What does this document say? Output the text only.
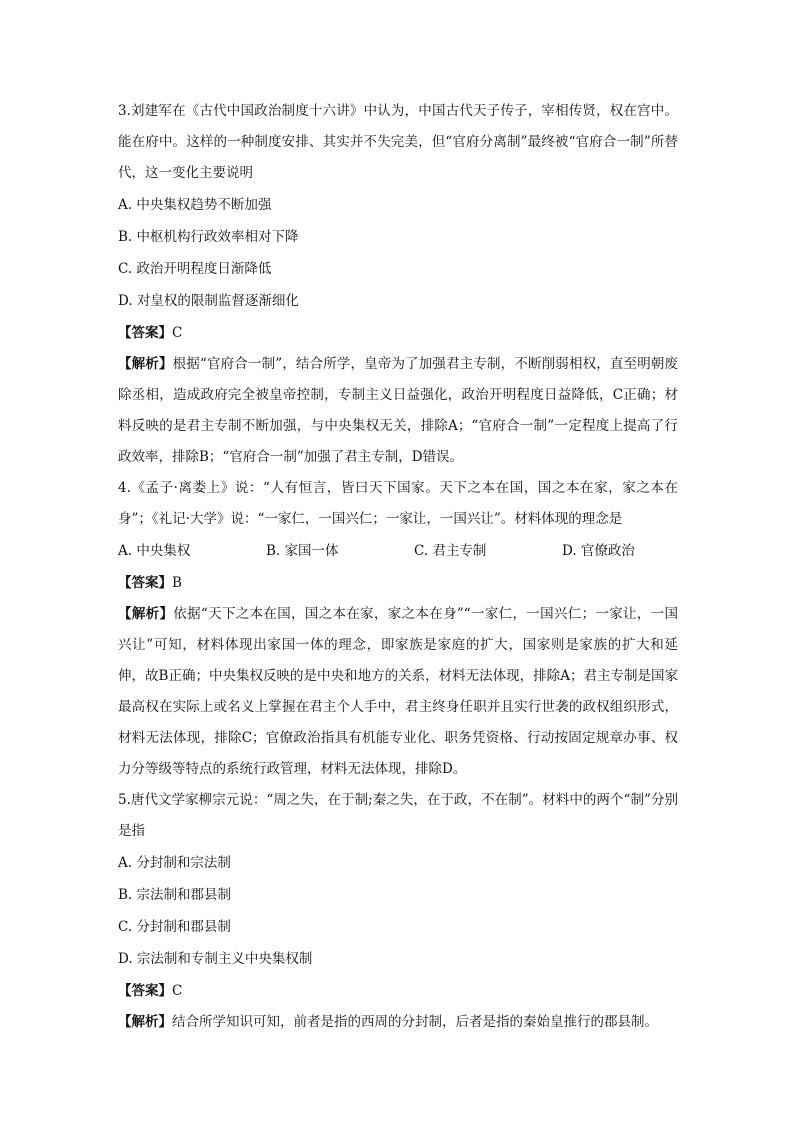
3.刘建军在《古代中国政治制度十六讲》中认为，中国古代天子传子，宰相传贤，权在宫中。能在府中。这样的一种制度安排、其实并不失完美，但“官府分离制”最终被“官府合一制”所替代，这一变化主要说明
A. 中央集权趋势不断加强
B. 中枢机构行政效率相对下降
C. 政治开明程度日渐降低
D. 对皇权的限制监督逐渐细化
【答案】C
【解析】根据“官府合一制”，结合所学，皇帝为了加强君主专制，不断削弱相权，直至明朝废除丞相，造成政府完全被皇帝控制，专制主义日益强化，政治开明程度日益降低，C正确；材料反映的是君主专制不断加强，与中央集权无关，排除A；“官府合一制”一定程度上提高了行政效率，排除B；“官府合一制”加强了君主专制，D错误。
4.《孟子·离娄上》说：“人有恒言，皆曰天下国家。天下之本在国，国之本在家，家之本在身”；《礼记·大学》说：“一家仁，一国兴仁；一家让，一国兴让”。材料体现的理念是
A. 中央集权	B. 家国一体	C. 君主专制	D. 官僚政治
【答案】B
【解析】依据“天下之本在国，国之本在家，家之本在身”“一家仁，一国兴仁；一家让，一国兴让”可知，材料体现出家国一体的理念，即家族是家庭的扩大，国家则是家族的扩大和延伸，故B正确；中央集权反映的是中央和地方的关系，材料无法体现，排除A；君主专制是国家最高权在实际上或名义上掌握在君主个人手中，君主终身任职并且实行世袭的政权组织形式，材料无法体现，排除C；官僚政治指具有机能专业化、职务凭资格、行动按固定规章办事、权力分等级等特点的系统行政管理，材料无法体现，排除D。
5.唐代文学家柳宗元说：“周之失，在于制;秦之失，在于政，不在制”。材料中的两个“制”分别是指
A. 分封制和宗法制
B. 宗法制和郡县制
C. 分封制和郡县制
D. 宗法制和专制主义中央集权制
【答案】C
【解析】结合所学知识可知，前者是指的西周的分封制，后者是指的秦始皇推行的郡县制。
